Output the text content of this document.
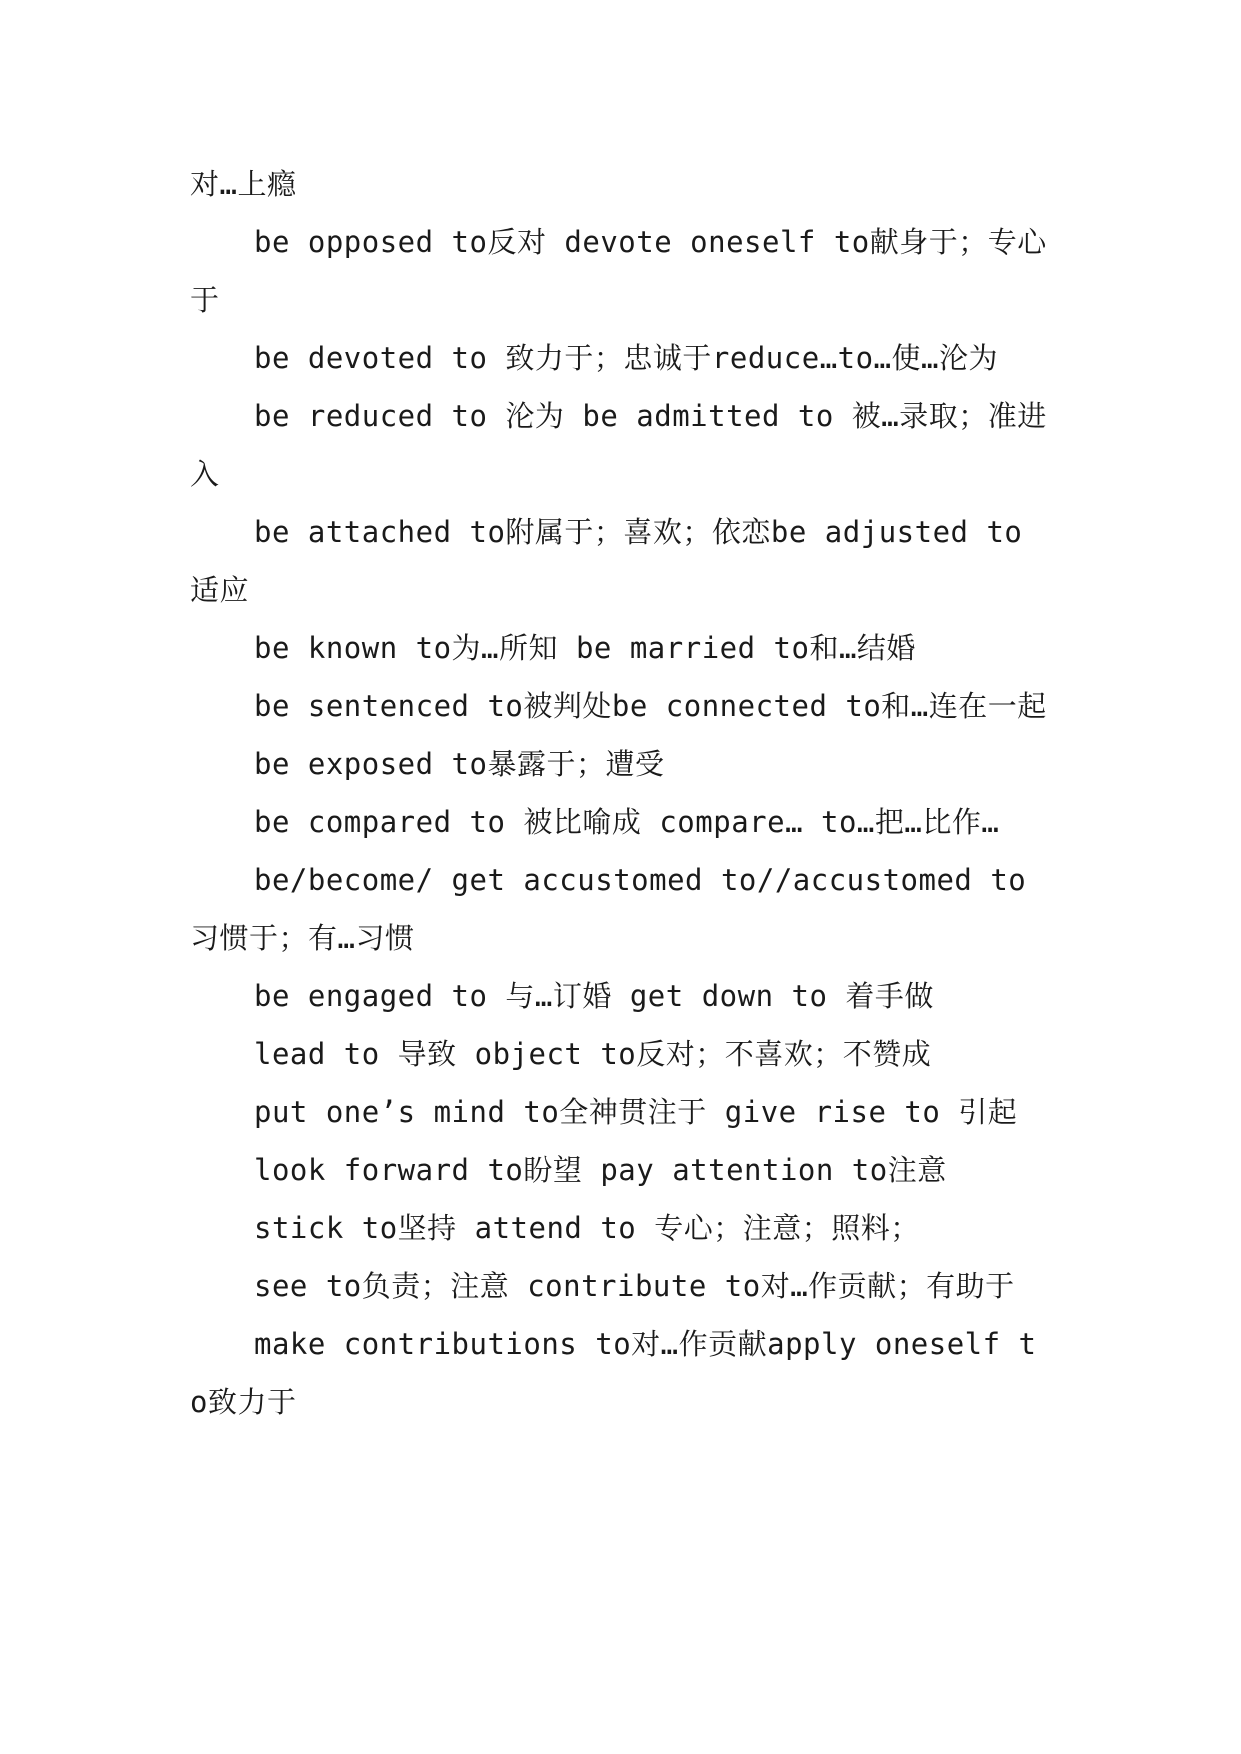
对…上瘾

be opposed to反对 devote oneself to献身于；专心于

be devoted to 致力于；忠诚于reduce…to…使…沦为

be reduced to 沦为 be admitted to 被…录取；准进入

be attached to附属于；喜欢；依恋be adjusted to适应

be known to为…所知 be married to和…结婚

be sentenced to被判处be connected to和…连在一起

be exposed to暴露于；遭受

be compared to 被比喻成 compare… to…把…比作…

be/become/ get accustomed to//accustomed to习惯于；有…习惯

be engaged to 与…订婚 get down to 着手做

lead to 导致 object to反对；不喜欢；不赞成

put one’s mind to全神贯注于 give rise to 引起

look forward to盼望 pay attention to注意

stick to坚持 attend to 专心；注意；照料；

see to负责；注意 contribute to对…作贡献；有助于

make contributions to对…作贡献apply oneself to致力于
